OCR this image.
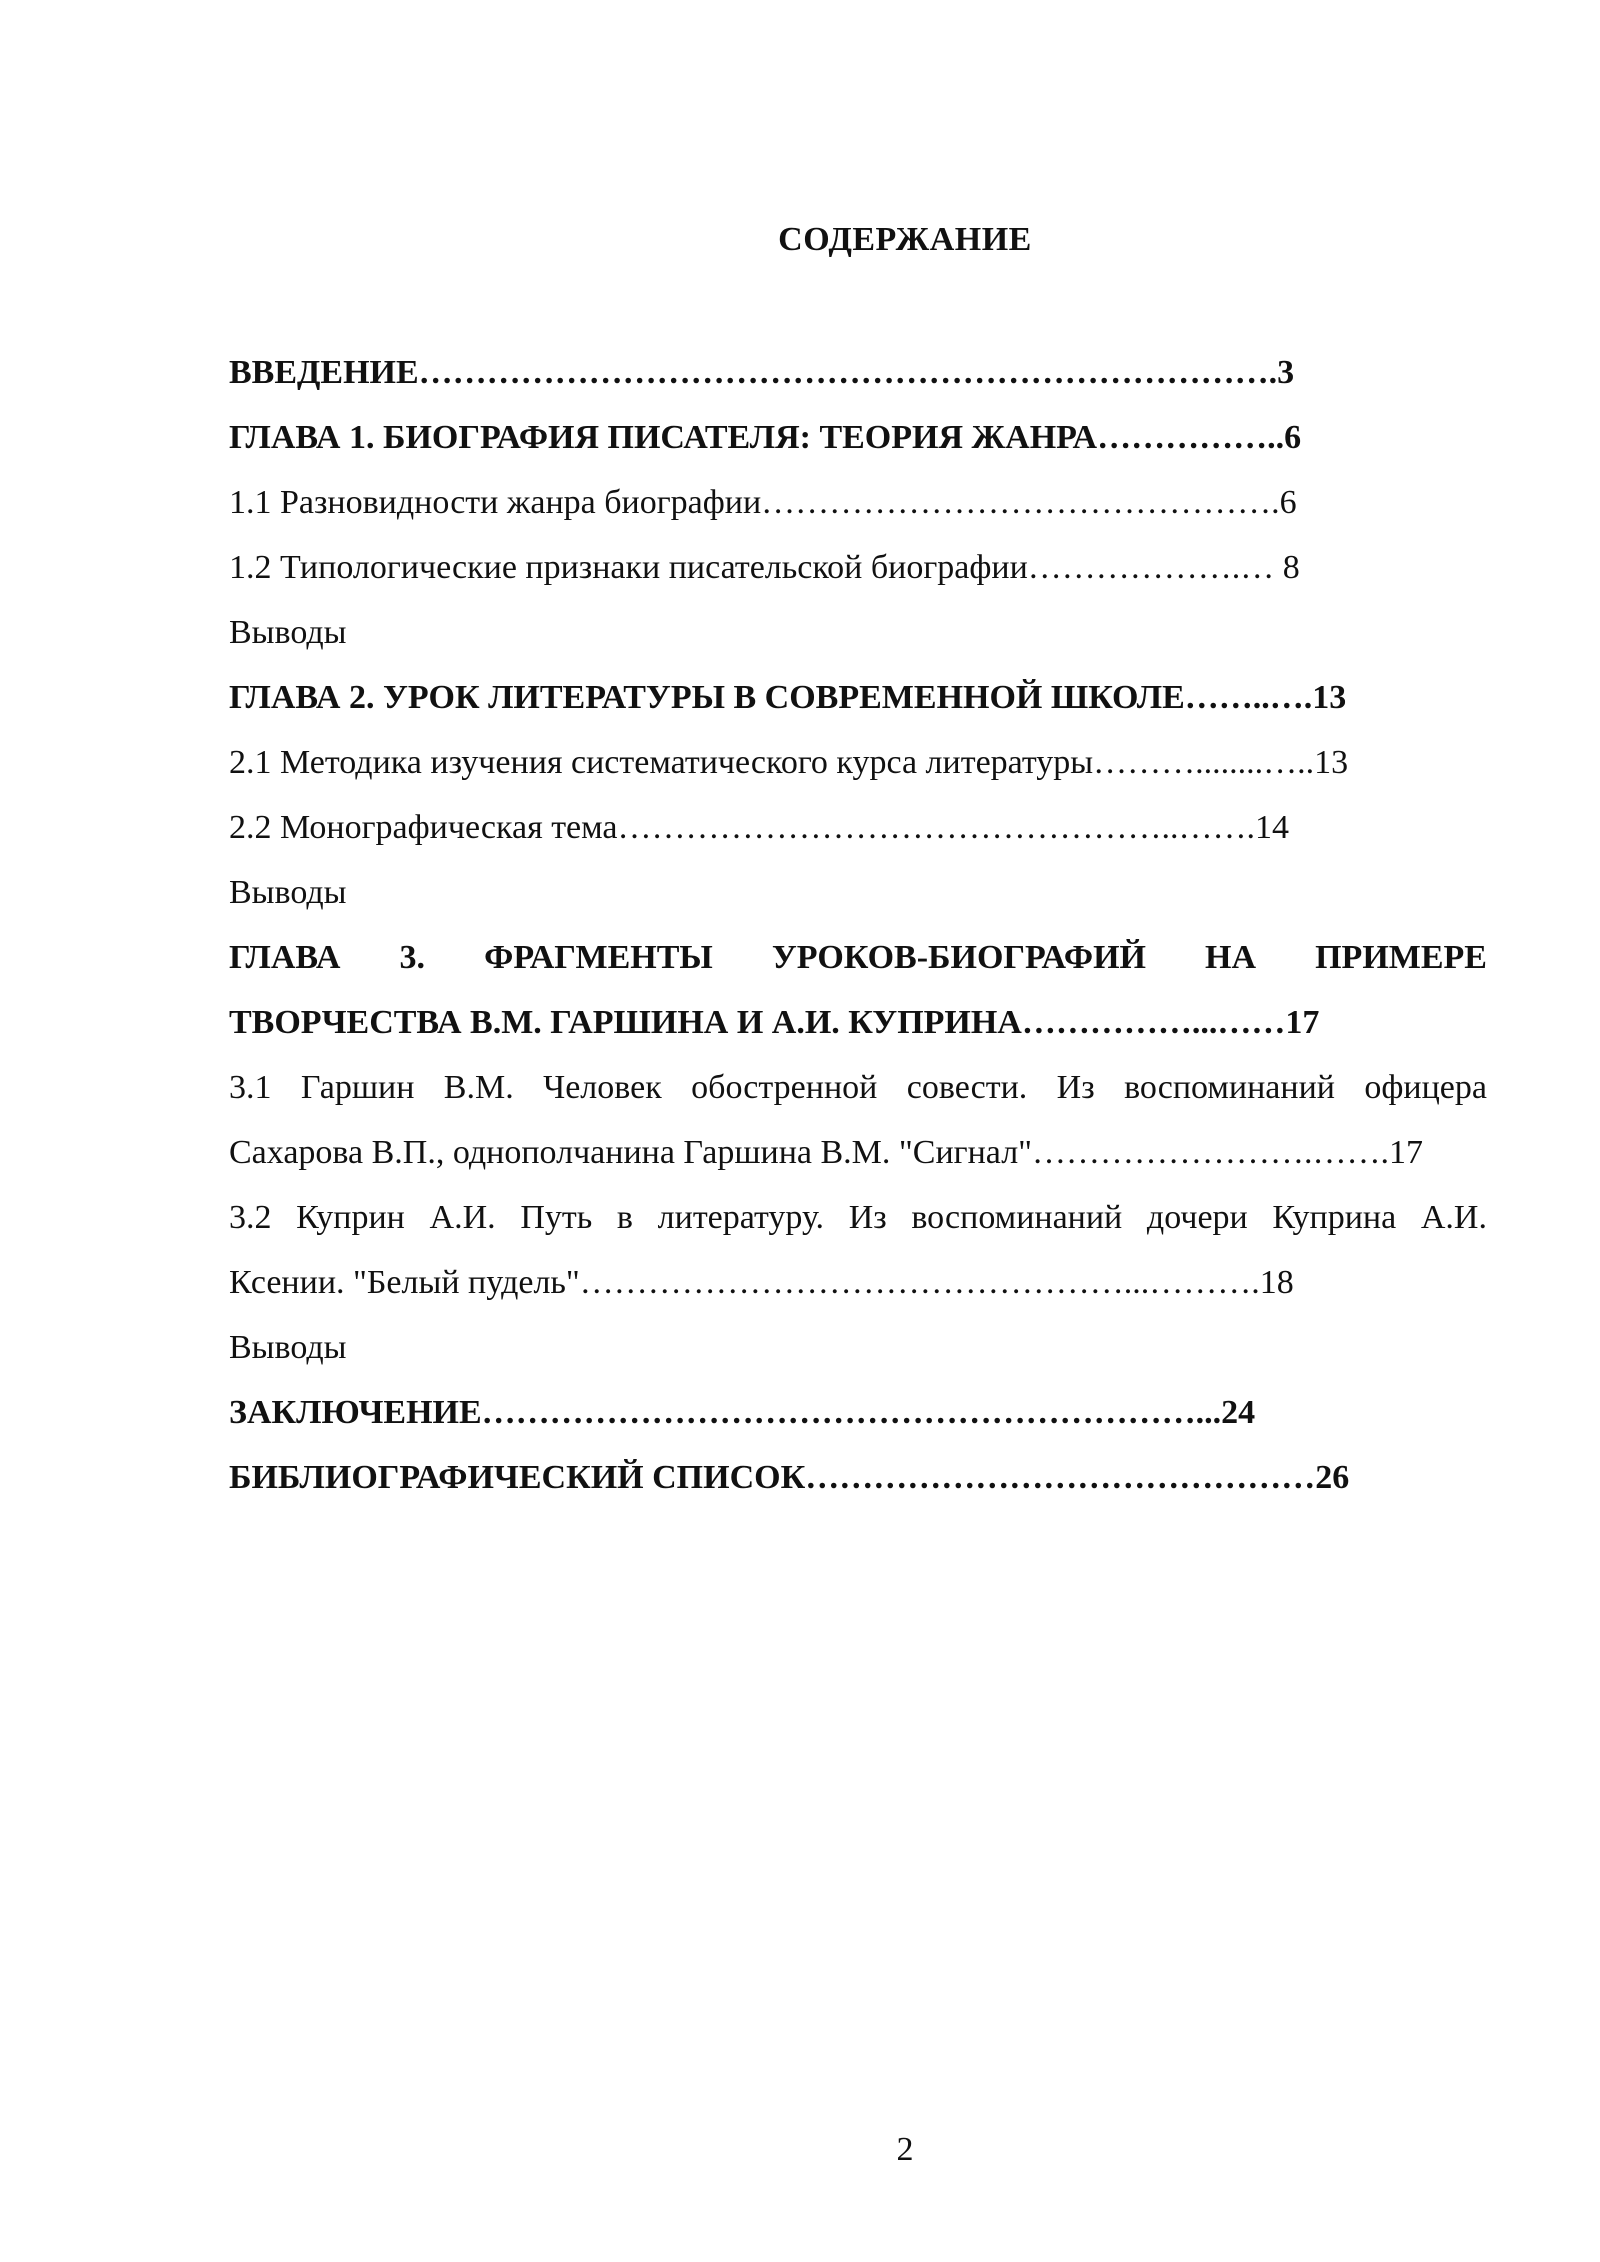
СОДЕРЖАНИЕ
ВВЕДЕНИЕ………………………………………………………………….3
ГЛАВА 1. БИОГРАФИЯ ПИСАТЕЛЯ: ТЕОРИЯ ЖАНРА……………..6
1.1 Разновидности жанра биографии……………………………………….6
1.2 Типологические признаки писательской биографии……………….… 8
Выводы
ГЛАВА 2. УРОК ЛИТЕРАТУРЫ В СОВРЕМЕННОЙ ШКОЛЕ……..….13
2.1 Методика изучения систематического курса литературы………........…..13
2.2 Монографическая тема…………………………………………..…….14
Выводы
ГЛАВА 3. ФРАГМЕНТЫ УРОКОВ-БИОГРАФИЙ НА ПРИМЕРЕ
ТВОРЧЕСТВА В.М. ГАРШИНА И А.И. КУПРИНА……………...……17
3.1 Гаршин В.М. Человек обостренной совести. Из воспоминаний офицера
Сахарова В.П., однополчанина Гаршина В.М. "Сигнал"…………………….…….17
3.2 Куприн А.И. Путь в литературу. Из воспоминаний дочери Куприна А.И.
Ксении. "Белый пудель"…………………………………………...……….18
Выводы
ЗАКЛЮЧЕНИЕ………………………………………………………...24
БИБЛИОГРАФИЧЕСКИЙ СПИСОК………………………………………26
2
